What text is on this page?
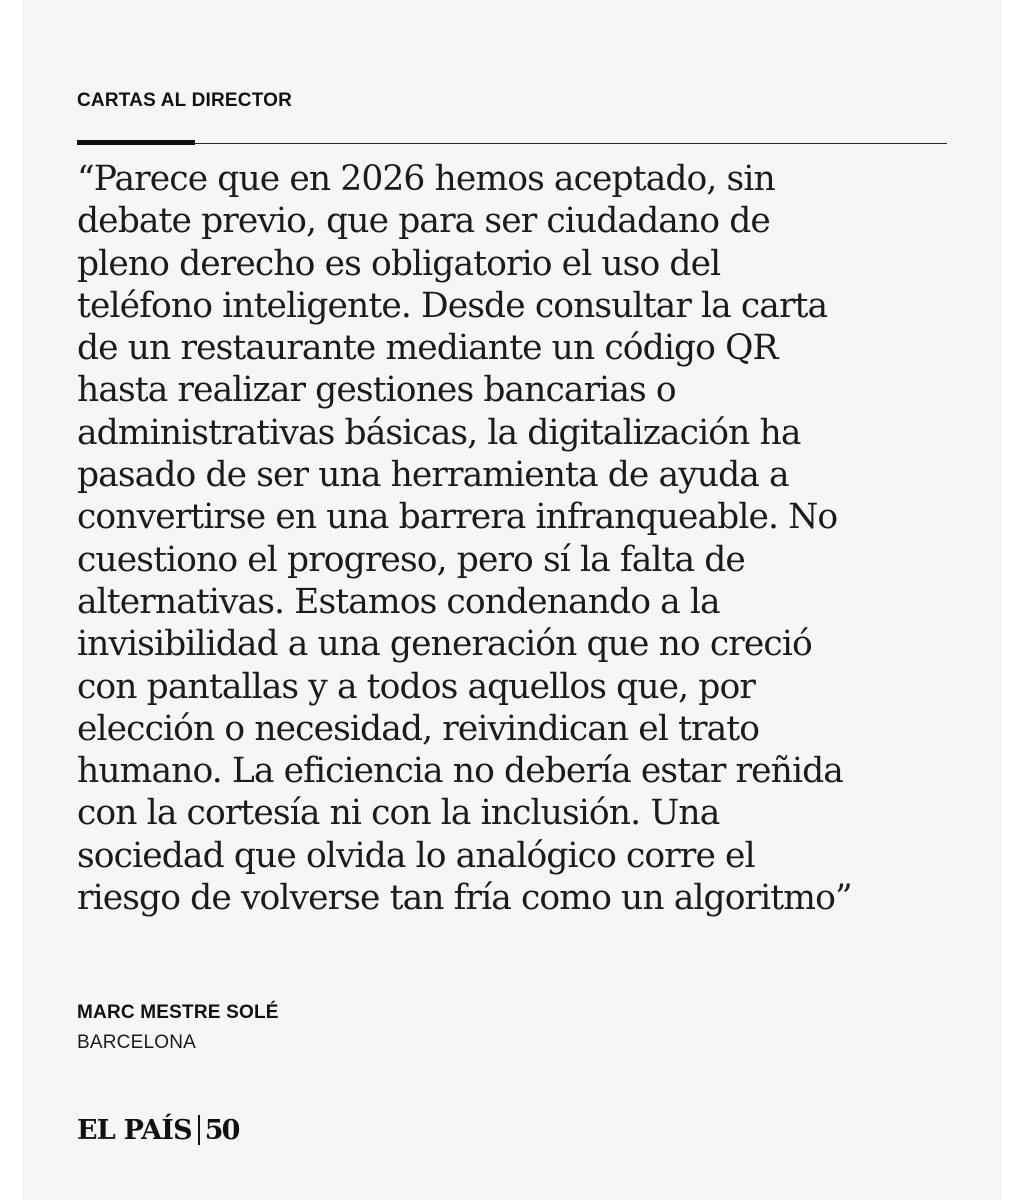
CARTAS AL DIRECTOR

“Parece que en 2026 hemos aceptado, sin
debate previo, que para ser ciudadano de
pleno derecho es obligatorio el uso del
teléfono inteligente. Desde consultar la carta
de un restaurante mediante un código QR
hasta realizar gestiones bancarias o
administrativas básicas, la digitalización ha
pasado de ser una herramienta de ayuda a
convertirse en una barrera infranqueable. No
cuestiono el progreso, pero sí la falta de
alternativas. Estamos condenando a la
invisibilidad a una generación que no creció
con pantallas y a todos aquellos que, por
elección o necesidad, reivindican el trato
humano. La eficiencia no debería estar reñida
con la cortesía ni con la inclusión. Una
sociedad que olvida lo analógico corre el
riesgo de volverse tan fría como un algoritmo”

MARC MESTRE SOLÉ
BARCELONA
EL PAÍS 50
